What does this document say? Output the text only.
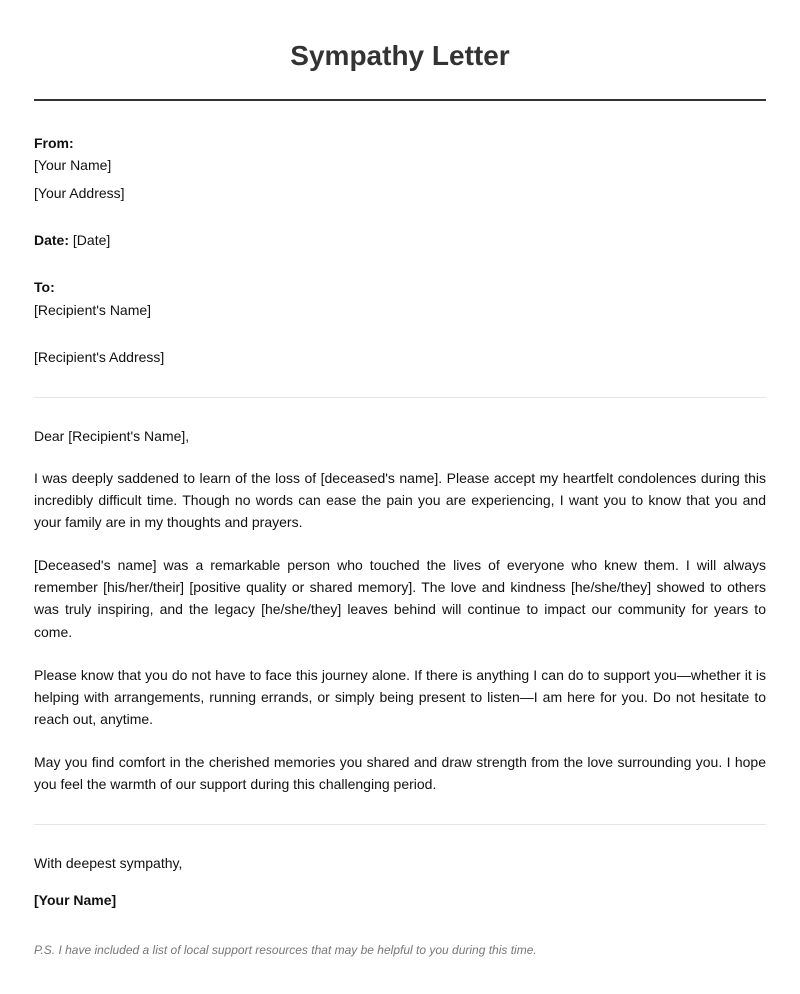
Sympathy Letter
From:
[Your Name]
[Your Address]
Date: [Date]
To:
[Recipient's Name]
[Recipient's Address]
Dear [Recipient's Name],
I was deeply saddened to learn of the loss of [deceased's name]. Please accept my heartfelt condolences during this incredibly difficult time. Though no words can ease the pain you are experiencing, I want you to know that you and your family are in my thoughts and prayers.
[Deceased's name] was a remarkable person who touched the lives of everyone who knew them. I will always remember [his/her/their] [positive quality or shared memory]. The love and kindness [he/she/they] showed to others was truly inspiring, and the legacy [he/she/they] leaves behind will continue to impact our community for years to come.
Please know that you do not have to face this journey alone. If there is anything I can do to support you—whether it is helping with arrangements, running errands, or simply being present to listen—I am here for you. Do not hesitate to reach out, anytime.
May you find comfort in the cherished memories you shared and draw strength from the love surrounding you. I hope you feel the warmth of our support during this challenging period.
With deepest sympathy,
[Your Name]
P.S. I have included a list of local support resources that may be helpful to you during this time.
